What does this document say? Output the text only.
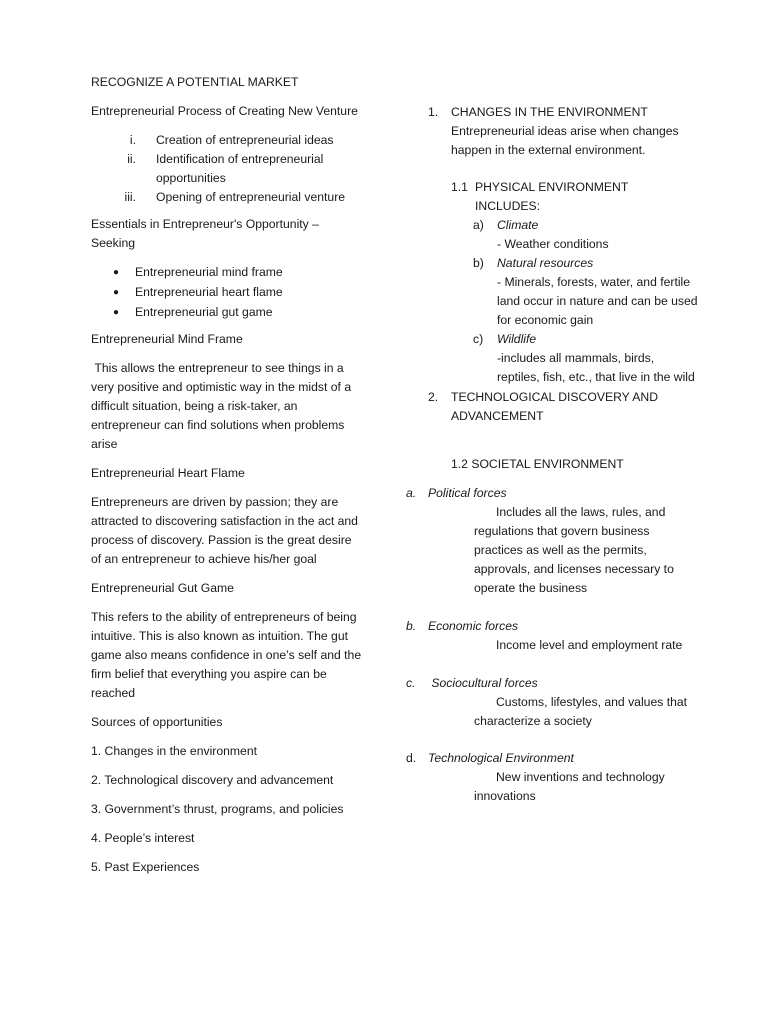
RECOGNIZE A POTENTIAL MARKET

Entrepreneurial Process of Creating New Venture

i. Creation of entrepreneurial ideas
ii. Identification of entrepreneurial opportunities
iii. Opening of entrepreneurial venture

Essentials in Entrepreneur's Opportunity – Seeking

●	Entrepreneurial mind frame
●	Entrepreneurial heart flame
●	Entrepreneurial gut game

Entrepreneurial Mind Frame

This allows the entrepreneur to see things in a very positive and optimistic way in the midst of a difficult situation, being a risk-taker, an entrepreneur can find solutions when problems arise

Entrepreneurial Heart Flame

Entrepreneurs are driven by passion; they are attracted to discovering satisfaction in the act and process of discovery. Passion is the great desire of an entrepreneur to achieve his/her goal

Entrepreneurial Gut Game

This refers to the ability of entrepreneurs of being intuitive. This is also known as intuition. The gut game also means confidence in one’s self and the firm belief that everything you aspire can be reached

Sources of opportunities

1. Changes in the environment

2. Technological discovery and advancement

3. Government’s thrust, programs, and policies

4. People’s interest

5. Past Experiences

1.	CHANGES IN THE ENVIRONMENT

Entrepreneurial ideas arise when changes happen in the external environment.

1.1 PHYSICAL ENVIRONMENT INCLUDES:
a)	Climate

- Weather conditions

b)	Natural resources

- Minerals, forests, water, and fertile land occur in nature and can be used for economic gain

c)	Wildlife

-includes all mammals, birds, reptiles, fish, etc., that live in the wild

2.	TECHNOLOGICAL DISCOVERY AND ADVANCEMENT

1.2 SOCIETAL ENVIRONMENT

a. Political forces

Includes all the laws, rules, and regulations that govern business practices as well as the permits, approvals, and licenses necessary to operate the business

b. Economic forces

Income level and employment rate

c.	Sociocultural forces

Customs, lifestyles, and values that characterize a society

d. Technological Environment

New inventions and technology innovations
